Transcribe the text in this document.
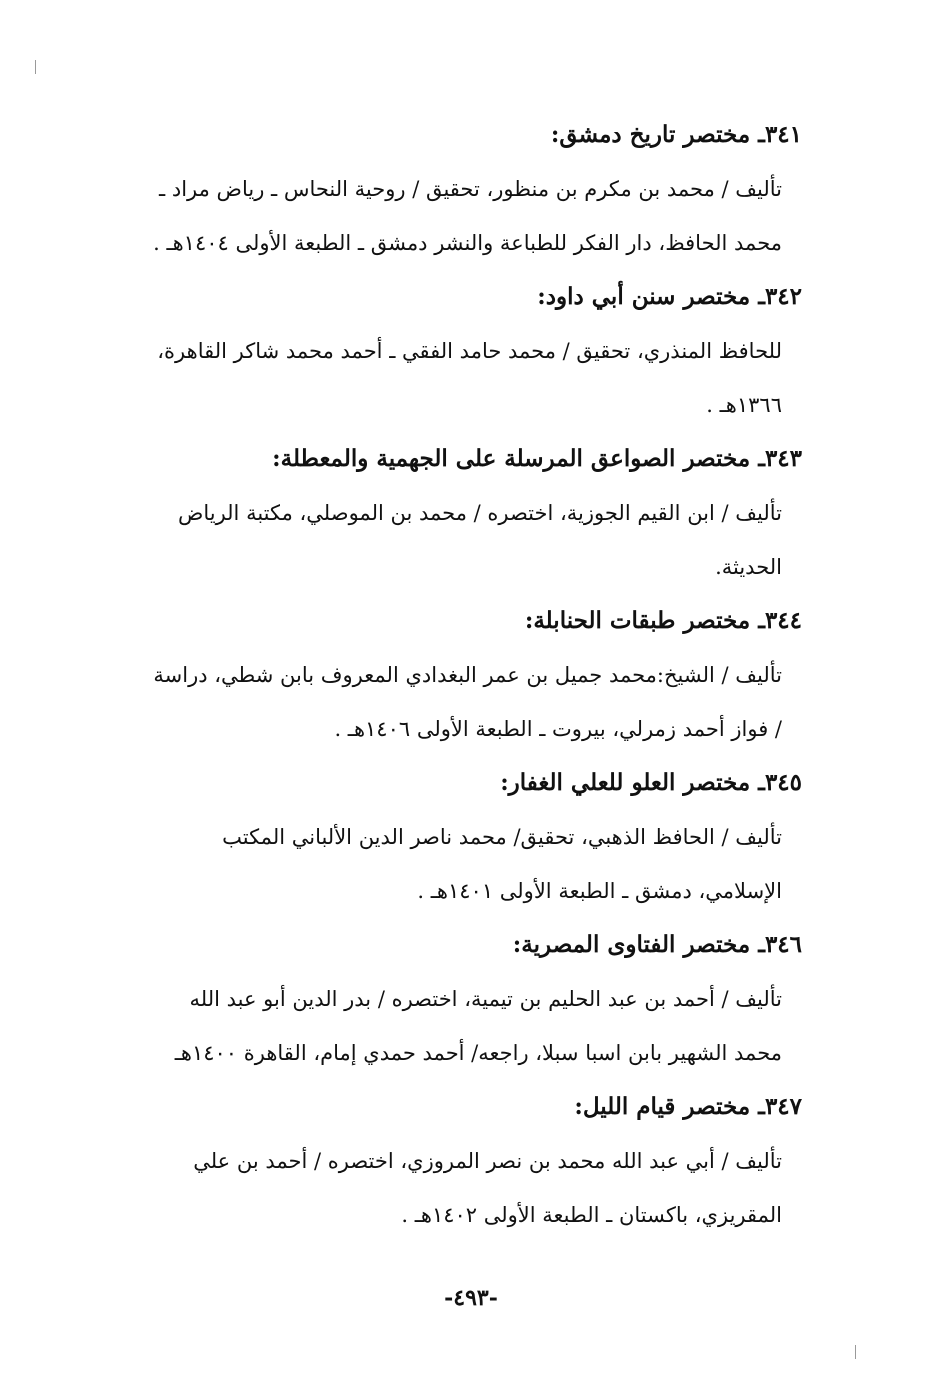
٣٤١ـ مختصر تاريخ دمشق:
تأليف / محمد بن مكرم بن منظور، تحقيق / روحية النحاس ـ رياض مراد ـ
محمد الحافظ، دار الفكر للطباعة والنشر دمشق ـ الطبعة الأولى ١٤٠٤هـ .
٣٤٢ـ مختصر سنن أبي داود:
للحافظ المنذري، تحقيق / محمد حامد الفقي ـ أحمد محمد شاكر القاهرة،
١٣٦٦هـ .
٣٤٣ـ مختصر الصواعق المرسلة على الجهمية والمعطلة:
تأليف / ابن القيم الجوزية، اختصره / محمد بن الموصلي، مكتبة الرياض
الحديثة.
٣٤٤ـ مختصر طبقات الحنابلة:
تأليف / الشيخ:محمد جميل بن عمر البغدادي المعروف بابن شطي، دراسة
/ فواز أحمد زمرلي، بيروت ـ الطبعة الأولى ١٤٠٦هـ .
٣٤٥ـ مختصر العلو للعلي الغفار:
تأليف / الحافظ الذهبي، تحقيق/ محمد ناصر الدين الألباني المكتب
الإسلامي، دمشق ـ الطبعة الأولى ١٤٠١هـ .
٣٤٦ـ مختصر الفتاوى المصرية:
تأليف / أحمد بن عبد الحليم بن تيمية، اختصره / بدر الدين أبو عبد الله
محمد الشهير بابن اسبا سبلا، راجعه/ أحمد حمدي إمام، القاهرة ١٤٠٠هـ
٣٤٧ـ مختصر قيام الليل:
تأليف / أبي عبد الله محمد بن نصر المروزي، اختصره / أحمد بن علي
المقريزي، باكستان ـ الطبعة الأولى ١٤٠٢هـ .
-٤٩٣-
